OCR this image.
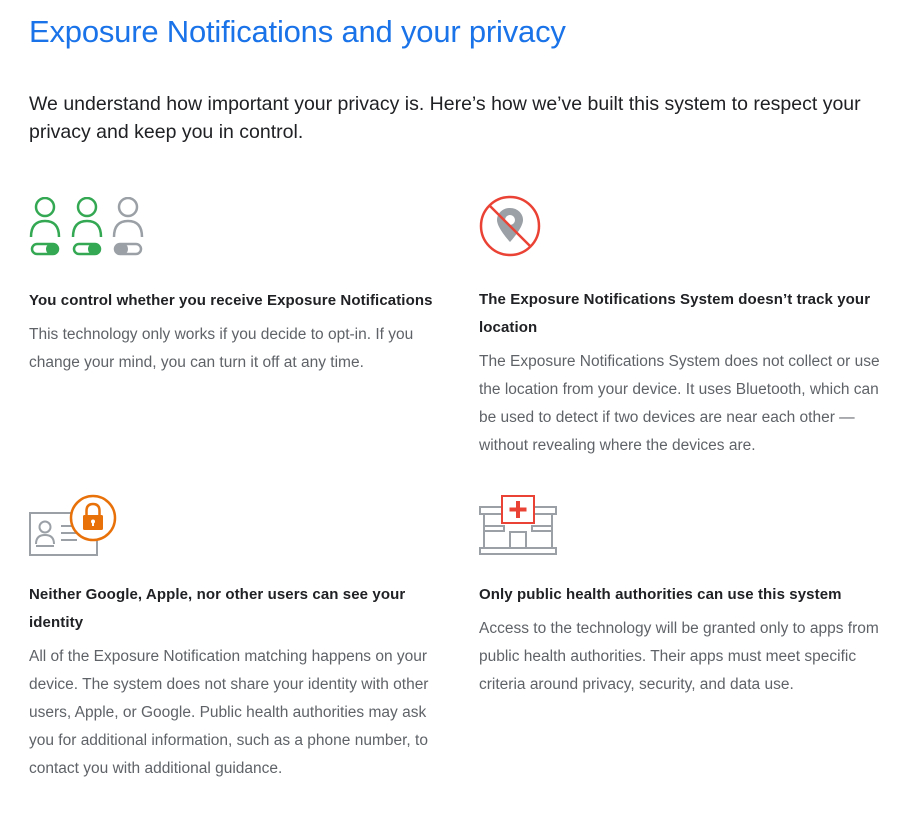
Exposure Notifications and your privacy

We understand how important your privacy is. Here’s how we’ve built this system to respect your privacy and keep you in control.

You control whether you receive Exposure Notifications

This technology only works if you decide to opt-in. If you change your mind, you can turn it off at any time.

The Exposure Notifications System doesn’t track your location

The Exposure Notifications System does not collect or use the location from your device. It uses Bluetooth, which can be used to detect if two devices are near each other — without revealing where the devices are.

Neither Google, Apple, nor other users can see your identity

All of the Exposure Notification matching happens on your device. The system does not share your identity with other users, Apple, or Google. Public health authorities may ask you for additional information, such as a phone number, to contact you with additional guidance.

Only public health authorities can use this system

Access to the technology will be granted only to apps from public health authorities. Their apps must meet specific criteria around privacy, security, and data use.
